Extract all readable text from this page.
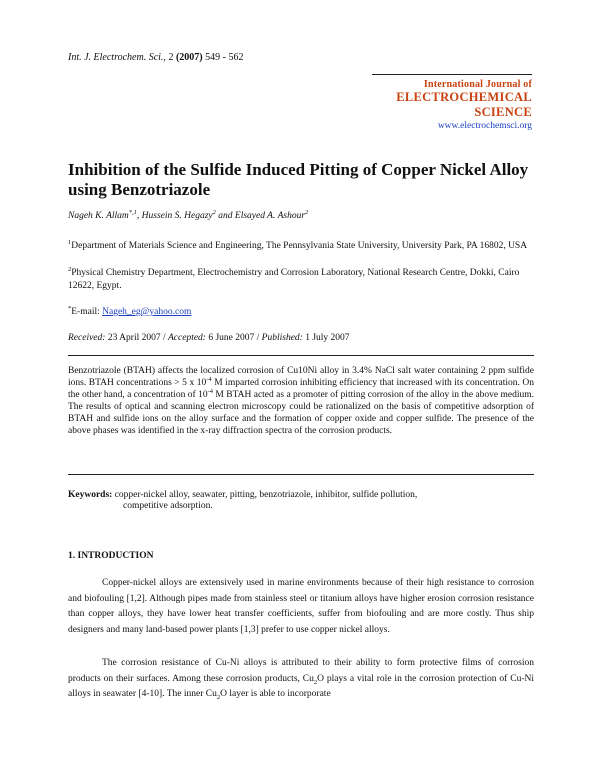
Int. J. Electrochem. Sci., 2 (2007) 549 - 562
International Journal of
ELECTROCHEMICAL
SCIENCE
www.electrochemsci.org
Inhibition of the Sulfide Induced Pitting of Copper Nickel Alloy using Benzotriazole
Nageh K. Allam$^{*,1}$, Hussein S. Hegazy$^2$ and Elsayed A. Ashour$^2$
$^1$Department of Materials Science and Engineering, The Pennsylvania State University, University Park, PA 16802, USA
$^2$Physical Chemistry Department, Electrochemistry and Corrosion Laboratory, National Research Centre, Dokki, Cairo 12622, Egypt.
*E-mail: Nageh_eg@yahoo.com
Received: 23 April 2007 / Accepted: 6 June 2007 / Published: 1 July 2007
Benzotriazole (BTAH) affects the localized corrosion of Cu10Ni alloy in 3.4% NaCl salt water containing 2 ppm sulfide ions. BTAH concentrations > 5 x $10^{-4}$ M imparted corrosion inhibiting efficiency that increased with its concentration. On the other hand, a concentration of $10^{-4}$ M BTAH acted as a promoter of pitting corrosion of the alloy in the above medium. The results of optical and scanning electron microscopy could be rationalized on the basis of competitive adsorption of BTAH and sulfide ions on the alloy surface and the formation of copper oxide and copper sulfide. The presence of the above phases was identified in the x-ray diffraction spectra of the corrosion products.
Keywords: copper-nickel alloy, seawater, pitting, benzotriazole, inhibitor, sulfide pollution,
competitive adsorption.
1. INTRODUCTION
Copper-nickel alloys are extensively used in marine environments because of their high resistance to corrosion and biofouling [1,2]. Although pipes made from stainless steel or titanium alloys have higher erosion corrosion resistance than copper alloys, they have lower heat transfer coefficients, suffer from biofouling and are more costly. Thus ship designers and many land-based power plants [1,3] prefer to use copper nickel alloys.
The corrosion resistance of Cu-Ni alloys is attributed to their ability to form protective films of corrosion products on their surfaces. Among these corrosion products, $Cu_2O$ plays a vital role in the corrosion protection of Cu-Ni alloys in seawater [4-10]. The inner $Cu_2O$ layer is able to incorporate
